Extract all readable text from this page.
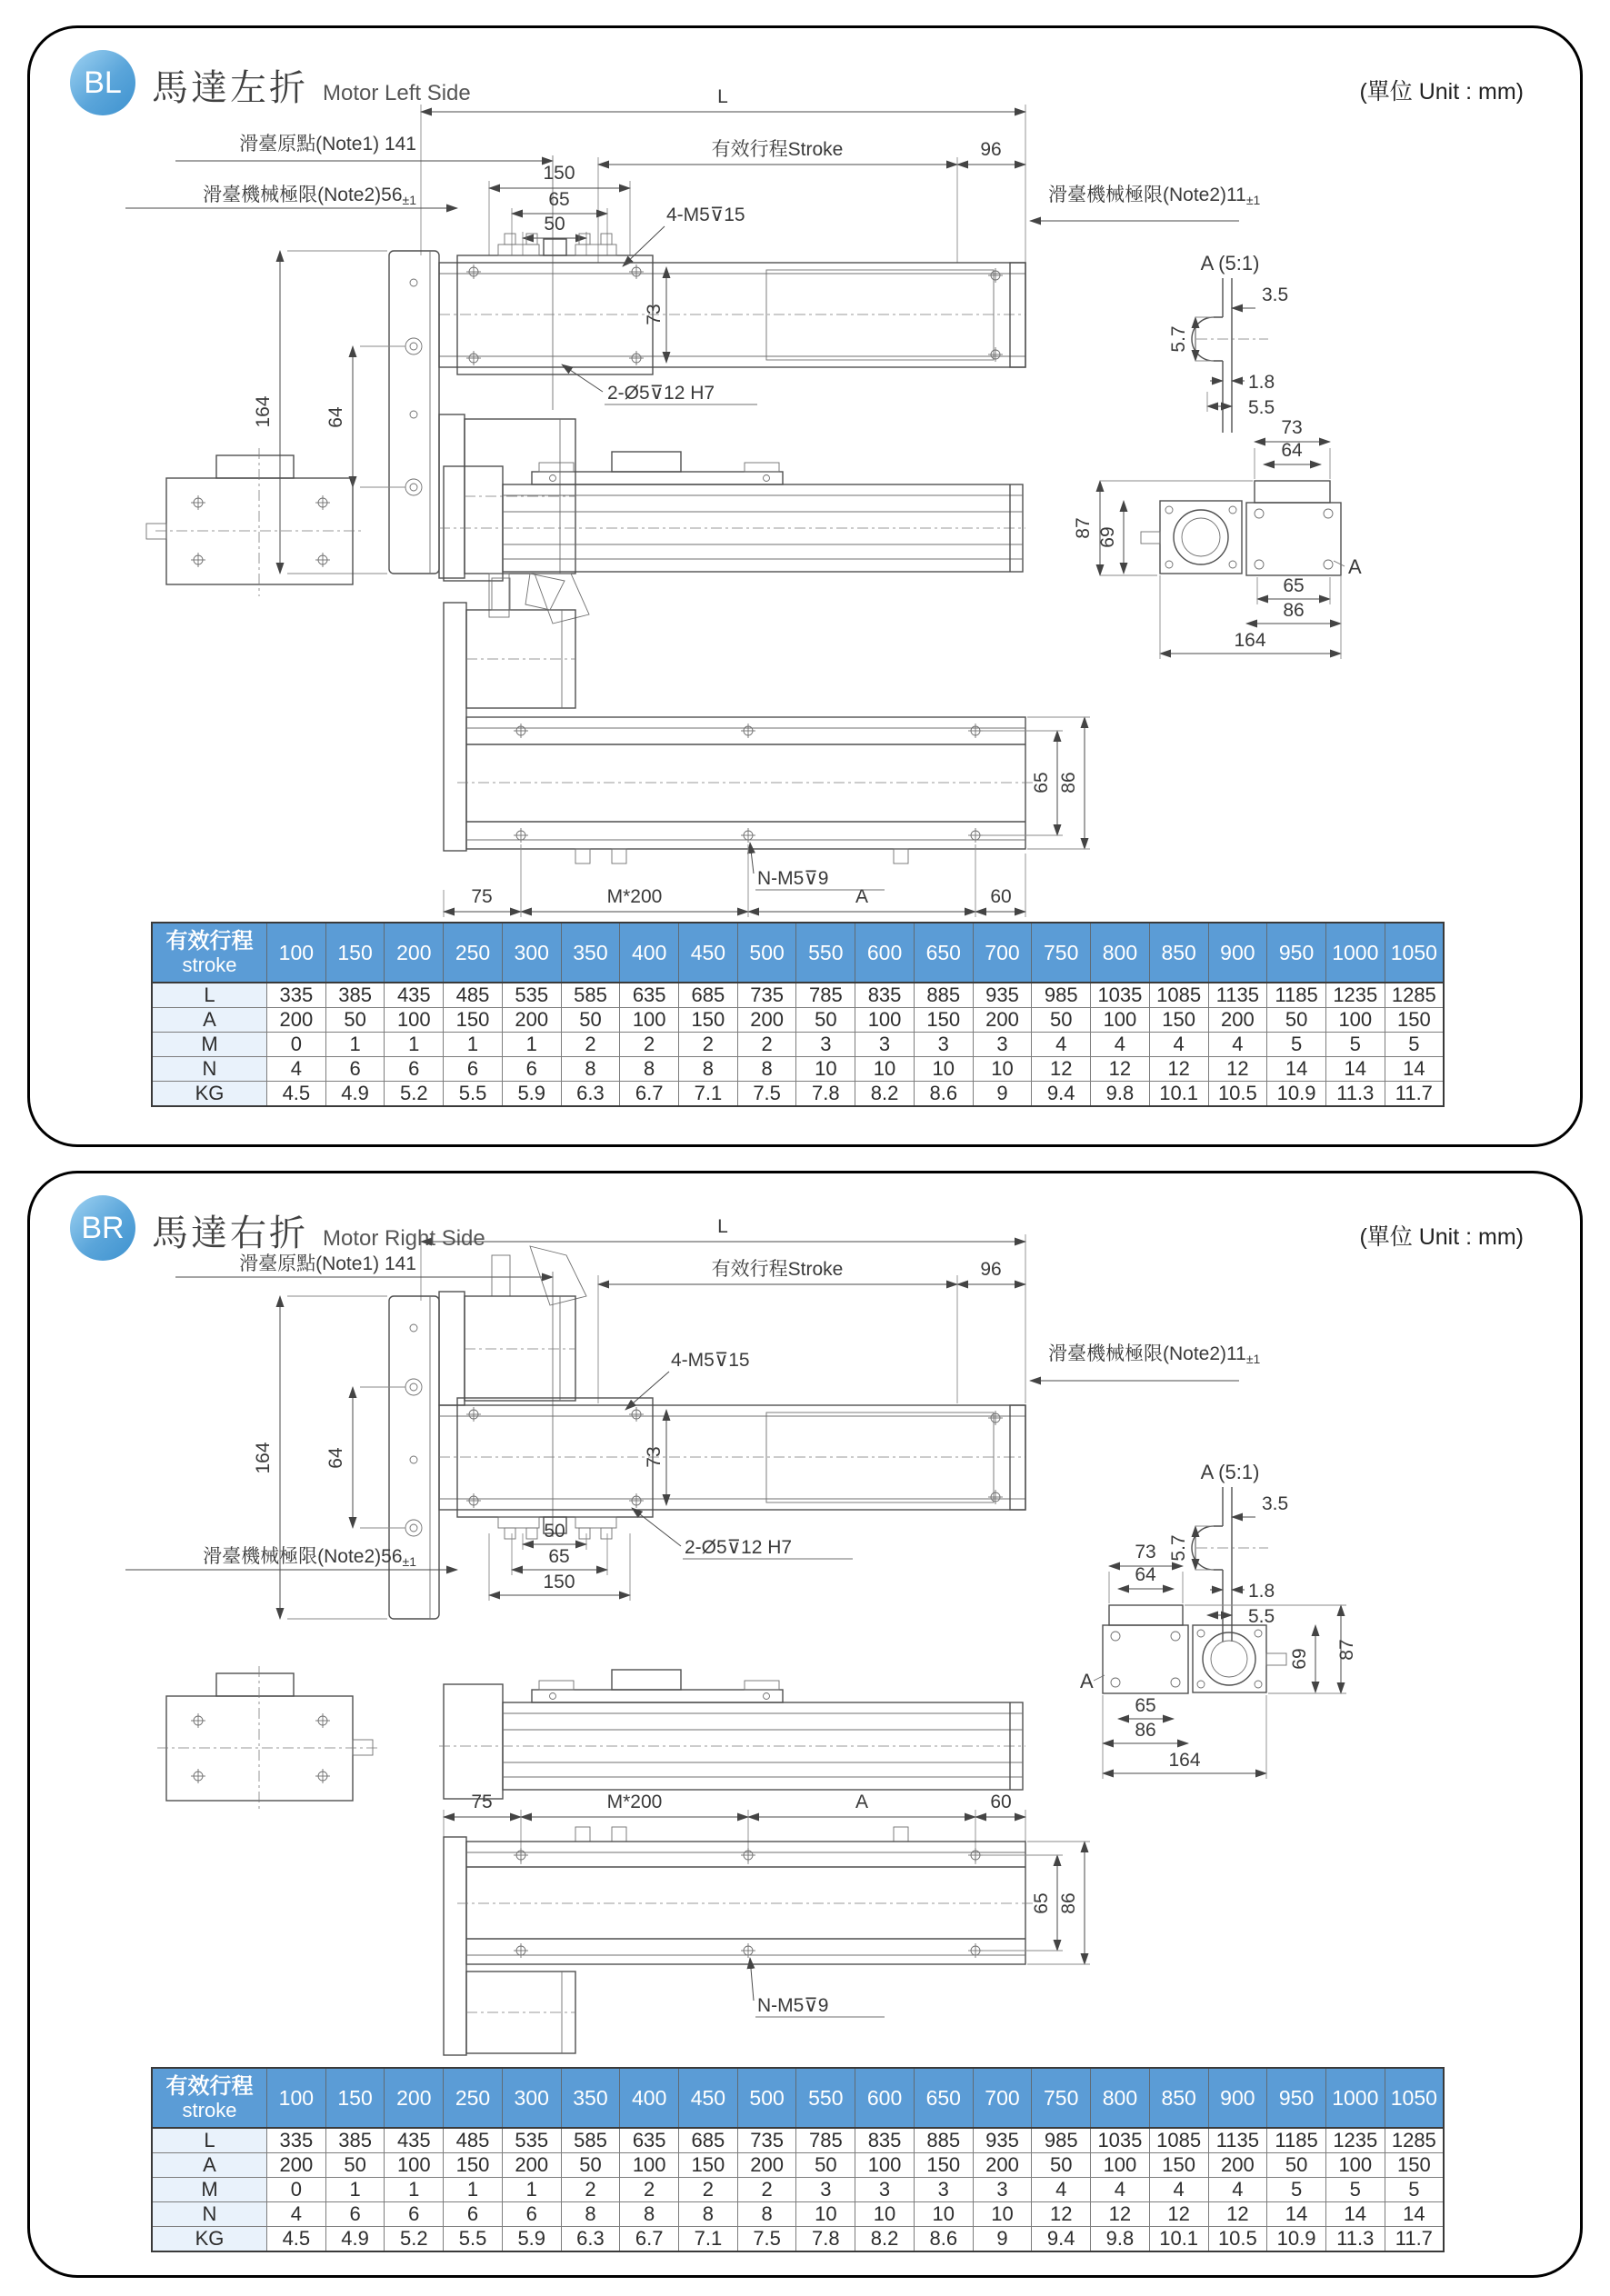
BL 馬達左折 Motor Left Side	(單位 Unit : mm)
L
有效行程Stroke	96
滑臺原點(Note1) 141
150
滑臺機械極限(Note2)56±1	65
50	4-M5⊽15
73
2-Ø5⊽12 H7
64
164
滑臺機械極限(Note2)11±1
A (5:1)
3.5
5.7
1.8
5.5
73
64
87 69
65
86
164
A
65 86
N-M5⊽9
75	M*200	A	60
有效行程
stroke	100	150	200	250	300	350	400	450	500	550	600	650	700	750	800	850	900	950	1000	1050
L	335	385	435	485	535	585	635	685	735	785	835	885	935	985	1035	1085	1135	1185	1235	1285
A	200	50	100	150	200	50	100	150	200	50	100	150	200	50	100	150	200	50	100	150
M	0	1	1	1	1	2	2	2	2	3	3	3	3	4	4	4	4	5	5	5
N	4	6	6	6	6	8	8	8	8	10	10	10	10	12	12	12	12	14	14	14
KG	4.5	4.9	5.2	5.5	5.9	6.3	6.7	7.1	7.5	7.8	8.2	8.6	9	9.4	9.8	10.1	10.5	10.9	11.3	11.7
BR 馬達右折 Motor Right Side	(單位 Unit : mm)
L
滑臺原點(Note1) 141	有效行程Stroke	96
64
164	73
4-M5⊽15
2-Ø5⊽12 H7
50
65
150
滑臺機械極限(Note2)56±1
滑臺機械極限(Note2)11±1
A (5:1)
3.5
5.7
1.8
5.5
73
64
69 87
65
86
164
A
75	M*200	A	60
65 86
N-M5⊽9
有效行程
stroke	100	150	200	250	300	350	400	450	500	550	600	650	700	750	800	850	900	950	1000	1050
L	335	385	435	485	535	585	635	685	735	785	835	885	935	985	1035	1085	1135	1185	1235	1285
A	200	50	100	150	200	50	100	150	200	50	100	150	200	50	100	150	200	50	100	150
M	0	1	1	1	1	2	2	2	2	3	3	3	3	4	4	4	4	5	5	5
N	4	6	6	6	6	8	8	8	8	10	10	10	10	12	12	12	12	14	14	14
KG	4.5	4.9	5.2	5.5	5.9	6.3	6.7	7.1	7.5	7.8	8.2	8.6	9	9.4	9.8	10.1	10.5	10.9	11.3	11.7
